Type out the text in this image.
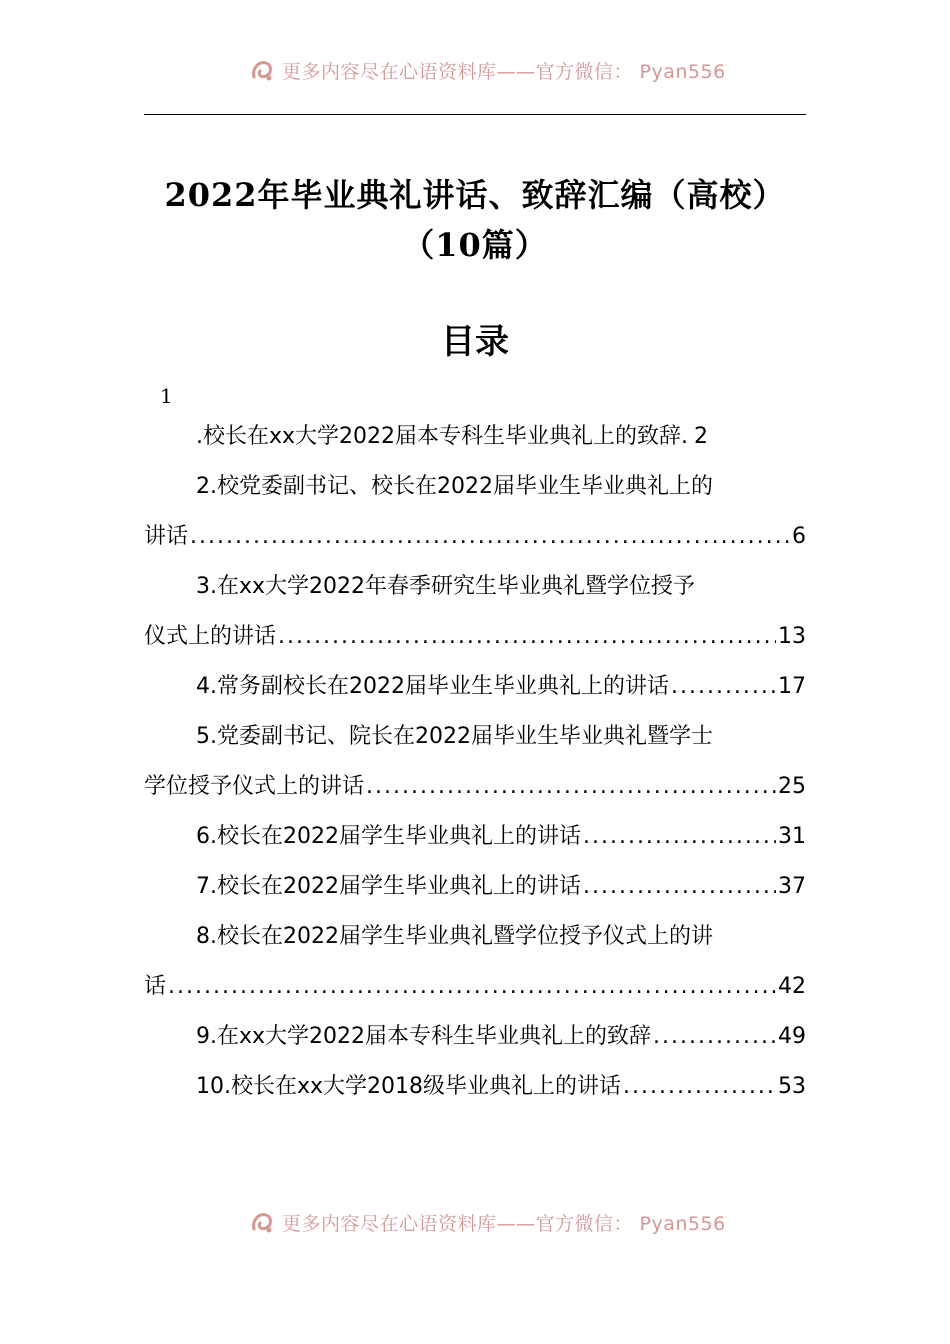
更多内容尽在心语资料库——官方微信： Pyan556
2022年毕业典礼讲话、致辞汇编（高校）
（10篇）
目录
1
.校长在xx大学2022届本专科生毕业典礼上的致辞. 2
2.校党委副书记、校长在2022届毕业生毕业典礼上的
讲话 .....	6
3.在xx大学2022年春季研究生毕业典礼暨学位授予
仪式上的讲话 .....	13
4.常务副校长在2022届毕业生毕业典礼上的讲话 .....	17
5.党委副书记、院长在2022届毕业生毕业典礼暨学士
学位授予仪式上的讲话 .....	25
6.校长在2022届学生毕业典礼上的讲话 .....	31
7.校长在2022届学生毕业典礼上的讲话 .....	37
8.校长在2022届学生毕业典礼暨学位授予仪式上的讲
话 .....	42
9.在xx大学2022届本专科生毕业典礼上的致辞 .....	49
10.校长在xx大学2018级毕业典礼上的讲话 .....	53
更多内容尽在心语资料库——官方微信： Pyan556
